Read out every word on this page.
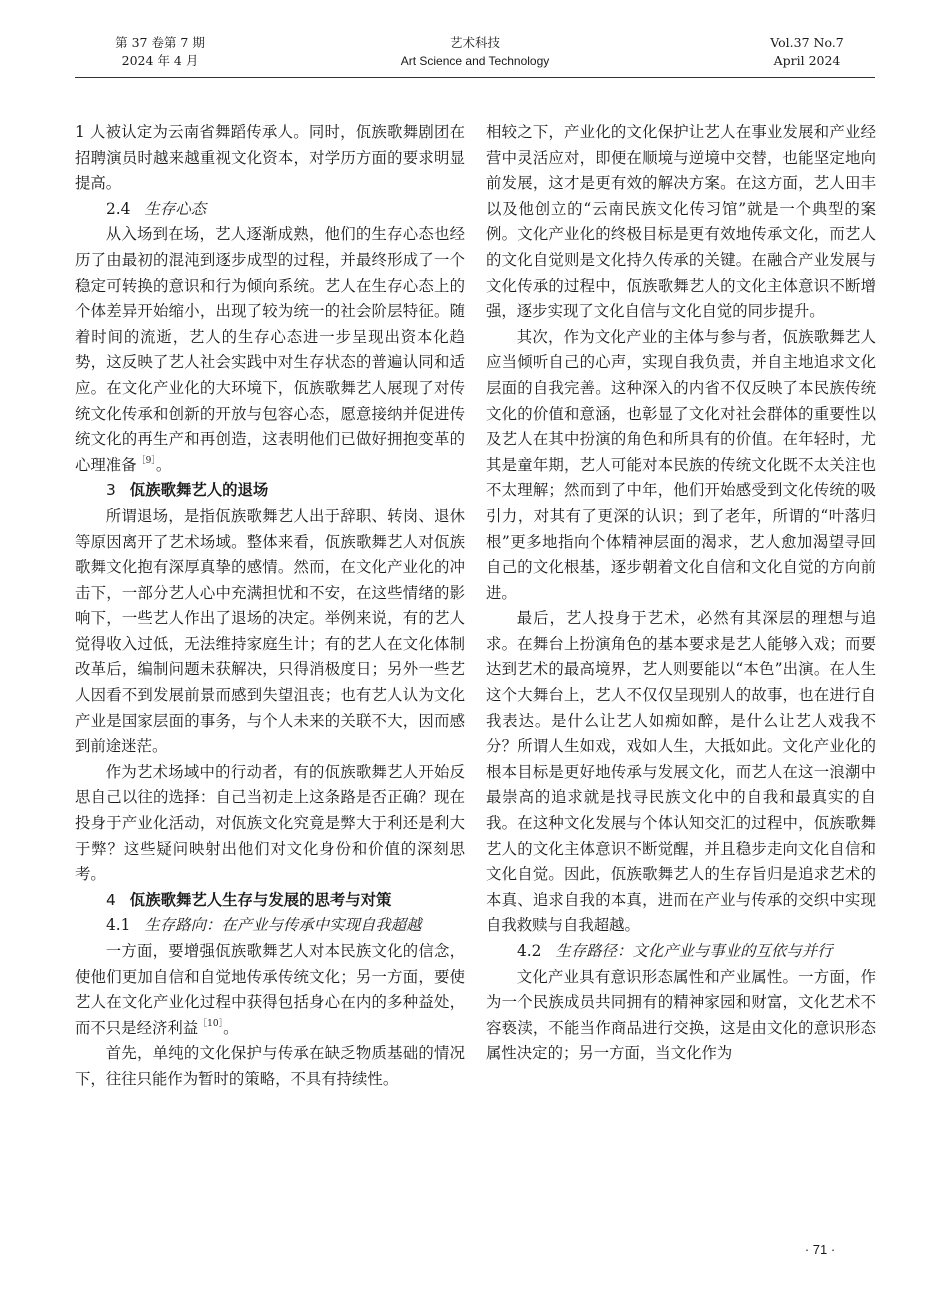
第 37 卷第 7 期
2024 年 4 月
艺术科技
Art Science and Technology
Vol.37 No.7
April 2024

1 人被认定为云南省舞蹈传承人。同时，佤族歌舞剧团在招聘演员时越来越重视文化资本，对学历方面的要求明显提高。

2.4 生存心态

从入场到在场，艺人逐渐成熟，他们的生存心态也经历了由最初的混沌到逐步成型的过程，并最终形成了一个稳定可转换的意识和行为倾向系统。艺人在生存心态上的个体差异开始缩小，出现了较为统一的社会阶层特征。随着时间的流逝，艺人的生存心态进一步呈现出资本化趋势，这反映了艺人社会实践中对生存状态的普遍认同和适应。在文化产业化的大环境下，佤族歌舞艺人展现了对传统文化传承和创新的开放与包容心态，愿意接纳并促进传统文化的再生产和再创造，这表明他们已做好拥抱变革的心理准备$^{[9]}$。

3 佤族歌舞艺人的退场

所谓退场，是指佤族歌舞艺人出于辞职、转岗、退休等原因离开了艺术场域。整体来看，佤族歌舞艺人对佤族歌舞文化抱有深厚真挚的感情。然而，在文化产业化的冲击下，一部分艺人心中充满担忧和不安，在这些情绪的影响下，一些艺人作出了退场的决定。举例来说，有的艺人觉得收入过低，无法维持家庭生计；有的艺人在文化体制改革后，编制问题未获解决，只得消极度日；另外一些艺人因看不到发展前景而感到失望沮丧；也有艺人认为文化产业是国家层面的事务，与个人未来的关联不大，因而感到前途迷茫。

作为艺术场域中的行动者，有的佤族歌舞艺人开始反思自己以往的选择：自己当初走上这条路是否正确？现在投身于产业化活动，对佤族文化究竟是弊大于利还是利大于弊？这些疑问映射出他们对文化身份和价值的深刻思考。

4 佤族歌舞艺人生存与发展的思考与对策
4.1 生存路向：在产业与传承中实现自我超越

一方面，要增强佤族歌舞艺人对本民族文化的信念，使他们更加自信和自觉地传承传统文化；另一方面，要使艺人在文化产业化过程中获得包括身心在内的多种益处，而不只是经济利益$^{[10]}$。

首先，单纯的文化保护与传承在缺乏物质基础的情况下，往往只能作为暂时的策略，不具有持续性。

相较之下，产业化的文化保护让艺人在事业发展和产业经营中灵活应对，即便在顺境与逆境中交替，也能坚定地向前发展，这才是更有效的解决方案。在这方面，艺人田丰以及他创立的“云南民族文化传习馆”就是一个典型的案例。文化产业化的终极目标是更有效地传承文化，而艺人的文化自觉则是文化持久传承的关键。在融合产业发展与文化传承的过程中，佤族歌舞艺人的文化主体意识不断增强，逐步实现了文化自信与文化自觉的同步提升。

其次，作为文化产业的主体与参与者，佤族歌舞艺人应当倾听自己的心声，实现自我负责，并自主地追求文化层面的自我完善。这种深入的内省不仅反映了本民族传统文化的价值和意涵，也彰显了文化对社会群体的重要性以及艺人在其中扮演的角色和所具有的价值。在年轻时，尤其是童年期，艺人可能对本民族的传统文化既不太关注也不太理解；然而到了中年，他们开始感受到文化传统的吸引力，对其有了更深的认识；到了老年，所谓的“叶落归根”更多地指向个体精神层面的渴求，艺人愈加渴望寻回自己的文化根基，逐步朝着文化自信和文化自觉的方向前进。

最后，艺人投身于艺术，必然有其深层的理想与追求。在舞台上扮演角色的基本要求是艺人能够入戏；而要达到艺术的最高境界，艺人则要能以“本色”出演。在人生这个大舞台上，艺人不仅仅呈现别人的故事，也在进行自我表达。是什么让艺人如痴如醉，是什么让艺人戏我不分？所谓人生如戏，戏如人生，大抵如此。文化产业化的根本目标是更好地传承与发展文化，而艺人在这一浪潮中最崇高的追求就是找寻民族文化中的自我和最真实的自我。在这种文化发展与个体认知交汇的过程中，佤族歌舞艺人的文化主体意识不断觉醒，并且稳步走向文化自信和文化自觉。因此，佤族歌舞艺人的生存旨归是追求艺术的本真、追求自我的本真，进而在产业与传承的交织中实现自我救赎与自我超越。

4.2 生存路径：文化产业与事业的互依与并行

文化产业具有意识形态属性和产业属性。一方面，作为一个民族成员共同拥有的精神家园和财富，文化艺术不容亵渎，不能当作商品进行交换，这是由文化的意识形态属性决定的；另一方面，当文化作为

· 71 ·
